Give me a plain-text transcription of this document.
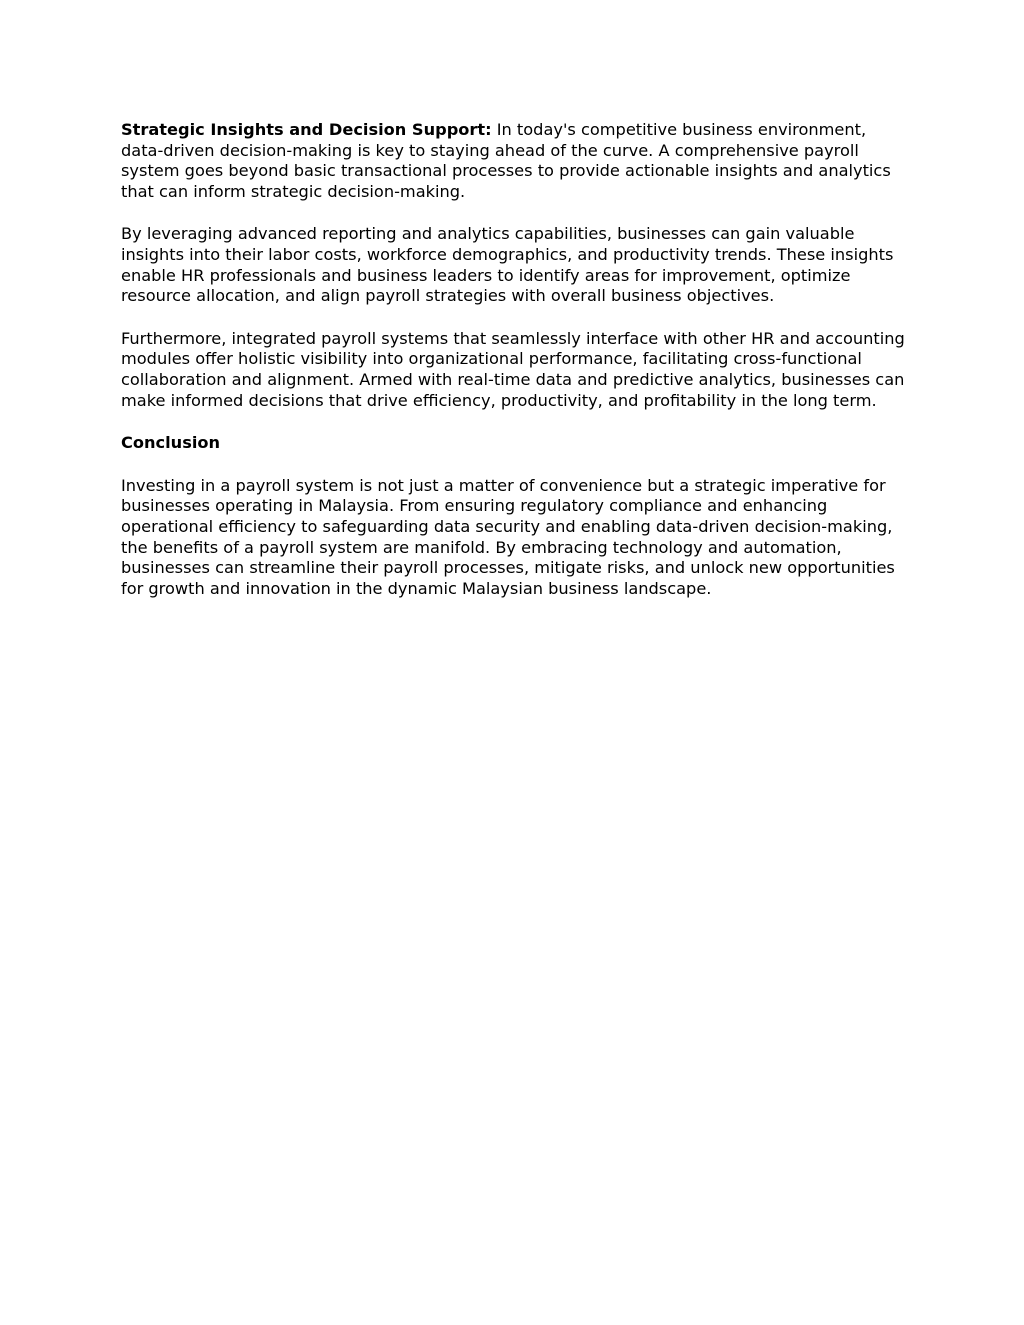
Strategic Insights and Decision Support: In today's competitive business environment, data-driven decision-making is key to staying ahead of the curve. A comprehensive payroll system goes beyond basic transactional processes to provide actionable insights and analytics that can inform strategic decision-making.

By leveraging advanced reporting and analytics capabilities, businesses can gain valuable insights into their labor costs, workforce demographics, and productivity trends. These insights enable HR professionals and business leaders to identify areas for improvement, optimize resource allocation, and align payroll strategies with overall business objectives.

Furthermore, integrated payroll systems that seamlessly interface with other HR and accounting modules offer holistic visibility into organizational performance, facilitating cross-functional collaboration and alignment. Armed with real-time data and predictive analytics, businesses can make informed decisions that drive efficiency, productivity, and profitability in the long term.

Conclusion

Investing in a payroll system is not just a matter of convenience but a strategic imperative for businesses operating in Malaysia. From ensuring regulatory compliance and enhancing operational efficiency to safeguarding data security and enabling data-driven decision-making, the benefits of a payroll system are manifold. By embracing technology and automation, businesses can streamline their payroll processes, mitigate risks, and unlock new opportunities for growth and innovation in the dynamic Malaysian business landscape.
